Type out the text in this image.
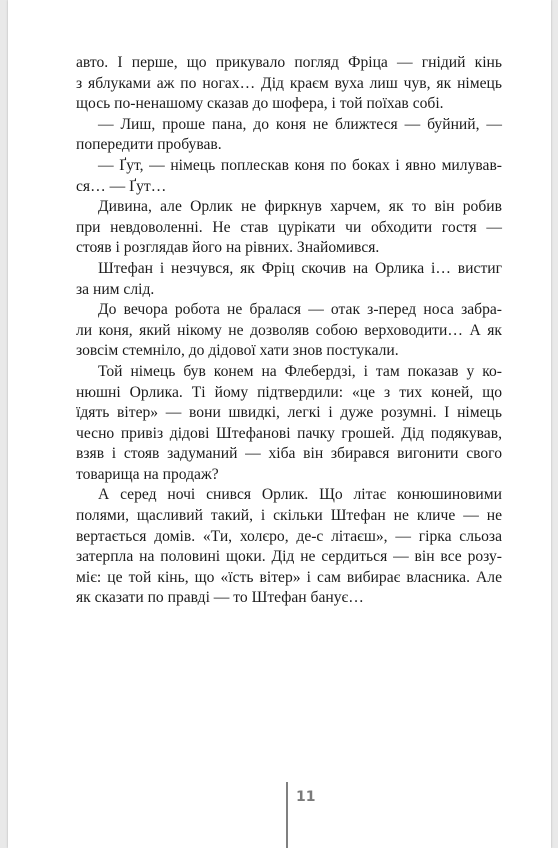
авто. І перше, що прикувало погляд Фріца — гнідий кінь
з яблуками аж по ногах… Дід краєм вуха лиш чув, як німець
щось по-ненашому сказав до шофера, і той поїхав собі.

— Лиш, проше пана, до коня не ближтеся — буйний, —
попередити пробував.

— Ґут, — німець поплескав коня по боках і явно милував-
ся… — Ґут…

Дивина, але Орлик не фиркнув харчем, як то він робив
при невдоволенні. Не став цурікати чи обходити гостя —
стояв і розглядав його на рівних. Знайомився.

Штефан і незчувся, як Фріц скочив на Орлика і… вистиг
за ним слід.

До вечора робота не бралася — отак з-перед носа забра-
ли коня, який нікому не дозволяв собою верховодити… А як
зовсім стемніло, до дідової хати знов постукали.

Той німець був конем на Флебердзі, і там показав у ко-
нюшні Орлика. Ті йому підтвердили: «це з тих коней, що
їдять вітер» — вони швидкі, легкі і дуже розумні. І німець
чесно привіз дідові Штефанові пачку грошей. Дід подякував,
взяв і стояв задуманий — хіба він збирався вигонити свого
товарища на продаж?

А серед ночі снився Орлик. Що літає конюшиновими
полями, щасливий такий, і скільки Штефан не кличе — не
вертається домів. «Ти, холєро, де-с літаєш», — гірка сльоза
затерпла на половині щоки. Дід не сердиться — він все розу-
міє: це той кінь, що «їсть вітер» і сам вибирає власника. Але
як сказати по правді — то Штефан банує…

11
